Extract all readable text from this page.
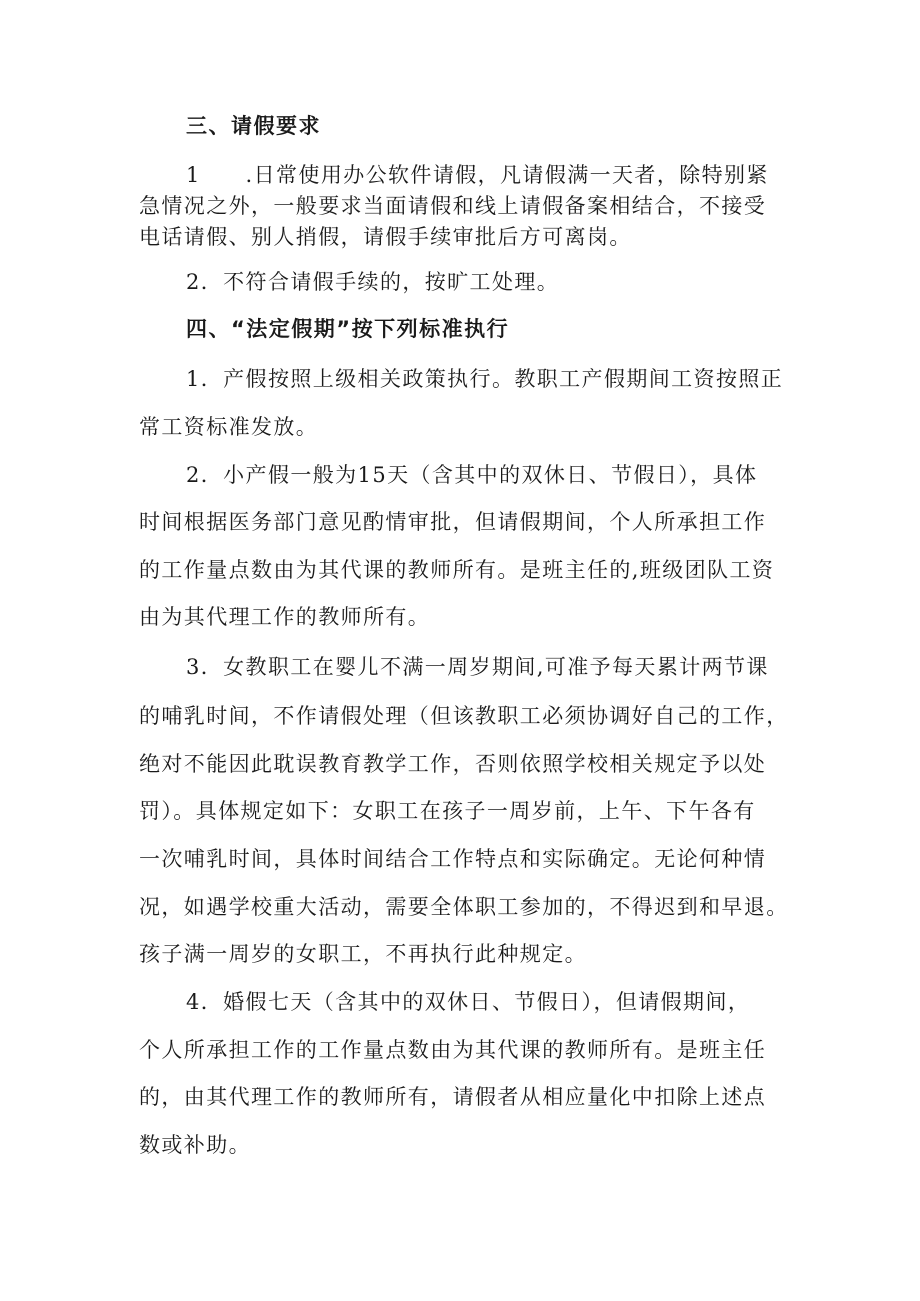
三、请假要求
1　　.日常使用办公软件请假，凡请假满一天者，除特别紧
急情况之外，一般要求当面请假和线上请假备案相结合，不接受
电话请假、别人捎假，请假手续审批后方可离岗。
2．不符合请假手续的，按旷工处理。
四、“法定假期”按下列标准执行
1．产假按照上级相关政策执行。教职工产假期间工资按照正
常工资标准发放。
2．小产假一般为15天（含其中的双休日、节假日），具体
时间根据医务部门意见酌情审批，但请假期间，个人所承担工作
的工作量点数由为其代课的教师所有。是班主任的,班级团队工资
由为其代理工作的教师所有。
3．女教职工在婴儿不满一周岁期间,可准予每天累计两节课
的哺乳时间，不作请假处理（但该教职工必须协调好自己的工作，
绝对不能因此耽误教育教学工作，否则依照学校相关规定予以处
罚）。具体规定如下：女职工在孩子一周岁前，上午、下午各有
一次哺乳时间，具体时间结合工作特点和实际确定。无论何种情
况，如遇学校重大活动，需要全体职工参加的，不得迟到和早退。
孩子满一周岁的女职工，不再执行此种规定。
4．婚假七天（含其中的双休日、节假日），但请假期间，
个人所承担工作的工作量点数由为其代课的教师所有。是班主任
的，由其代理工作的教师所有，请假者从相应量化中扣除上述点
数或补助。
